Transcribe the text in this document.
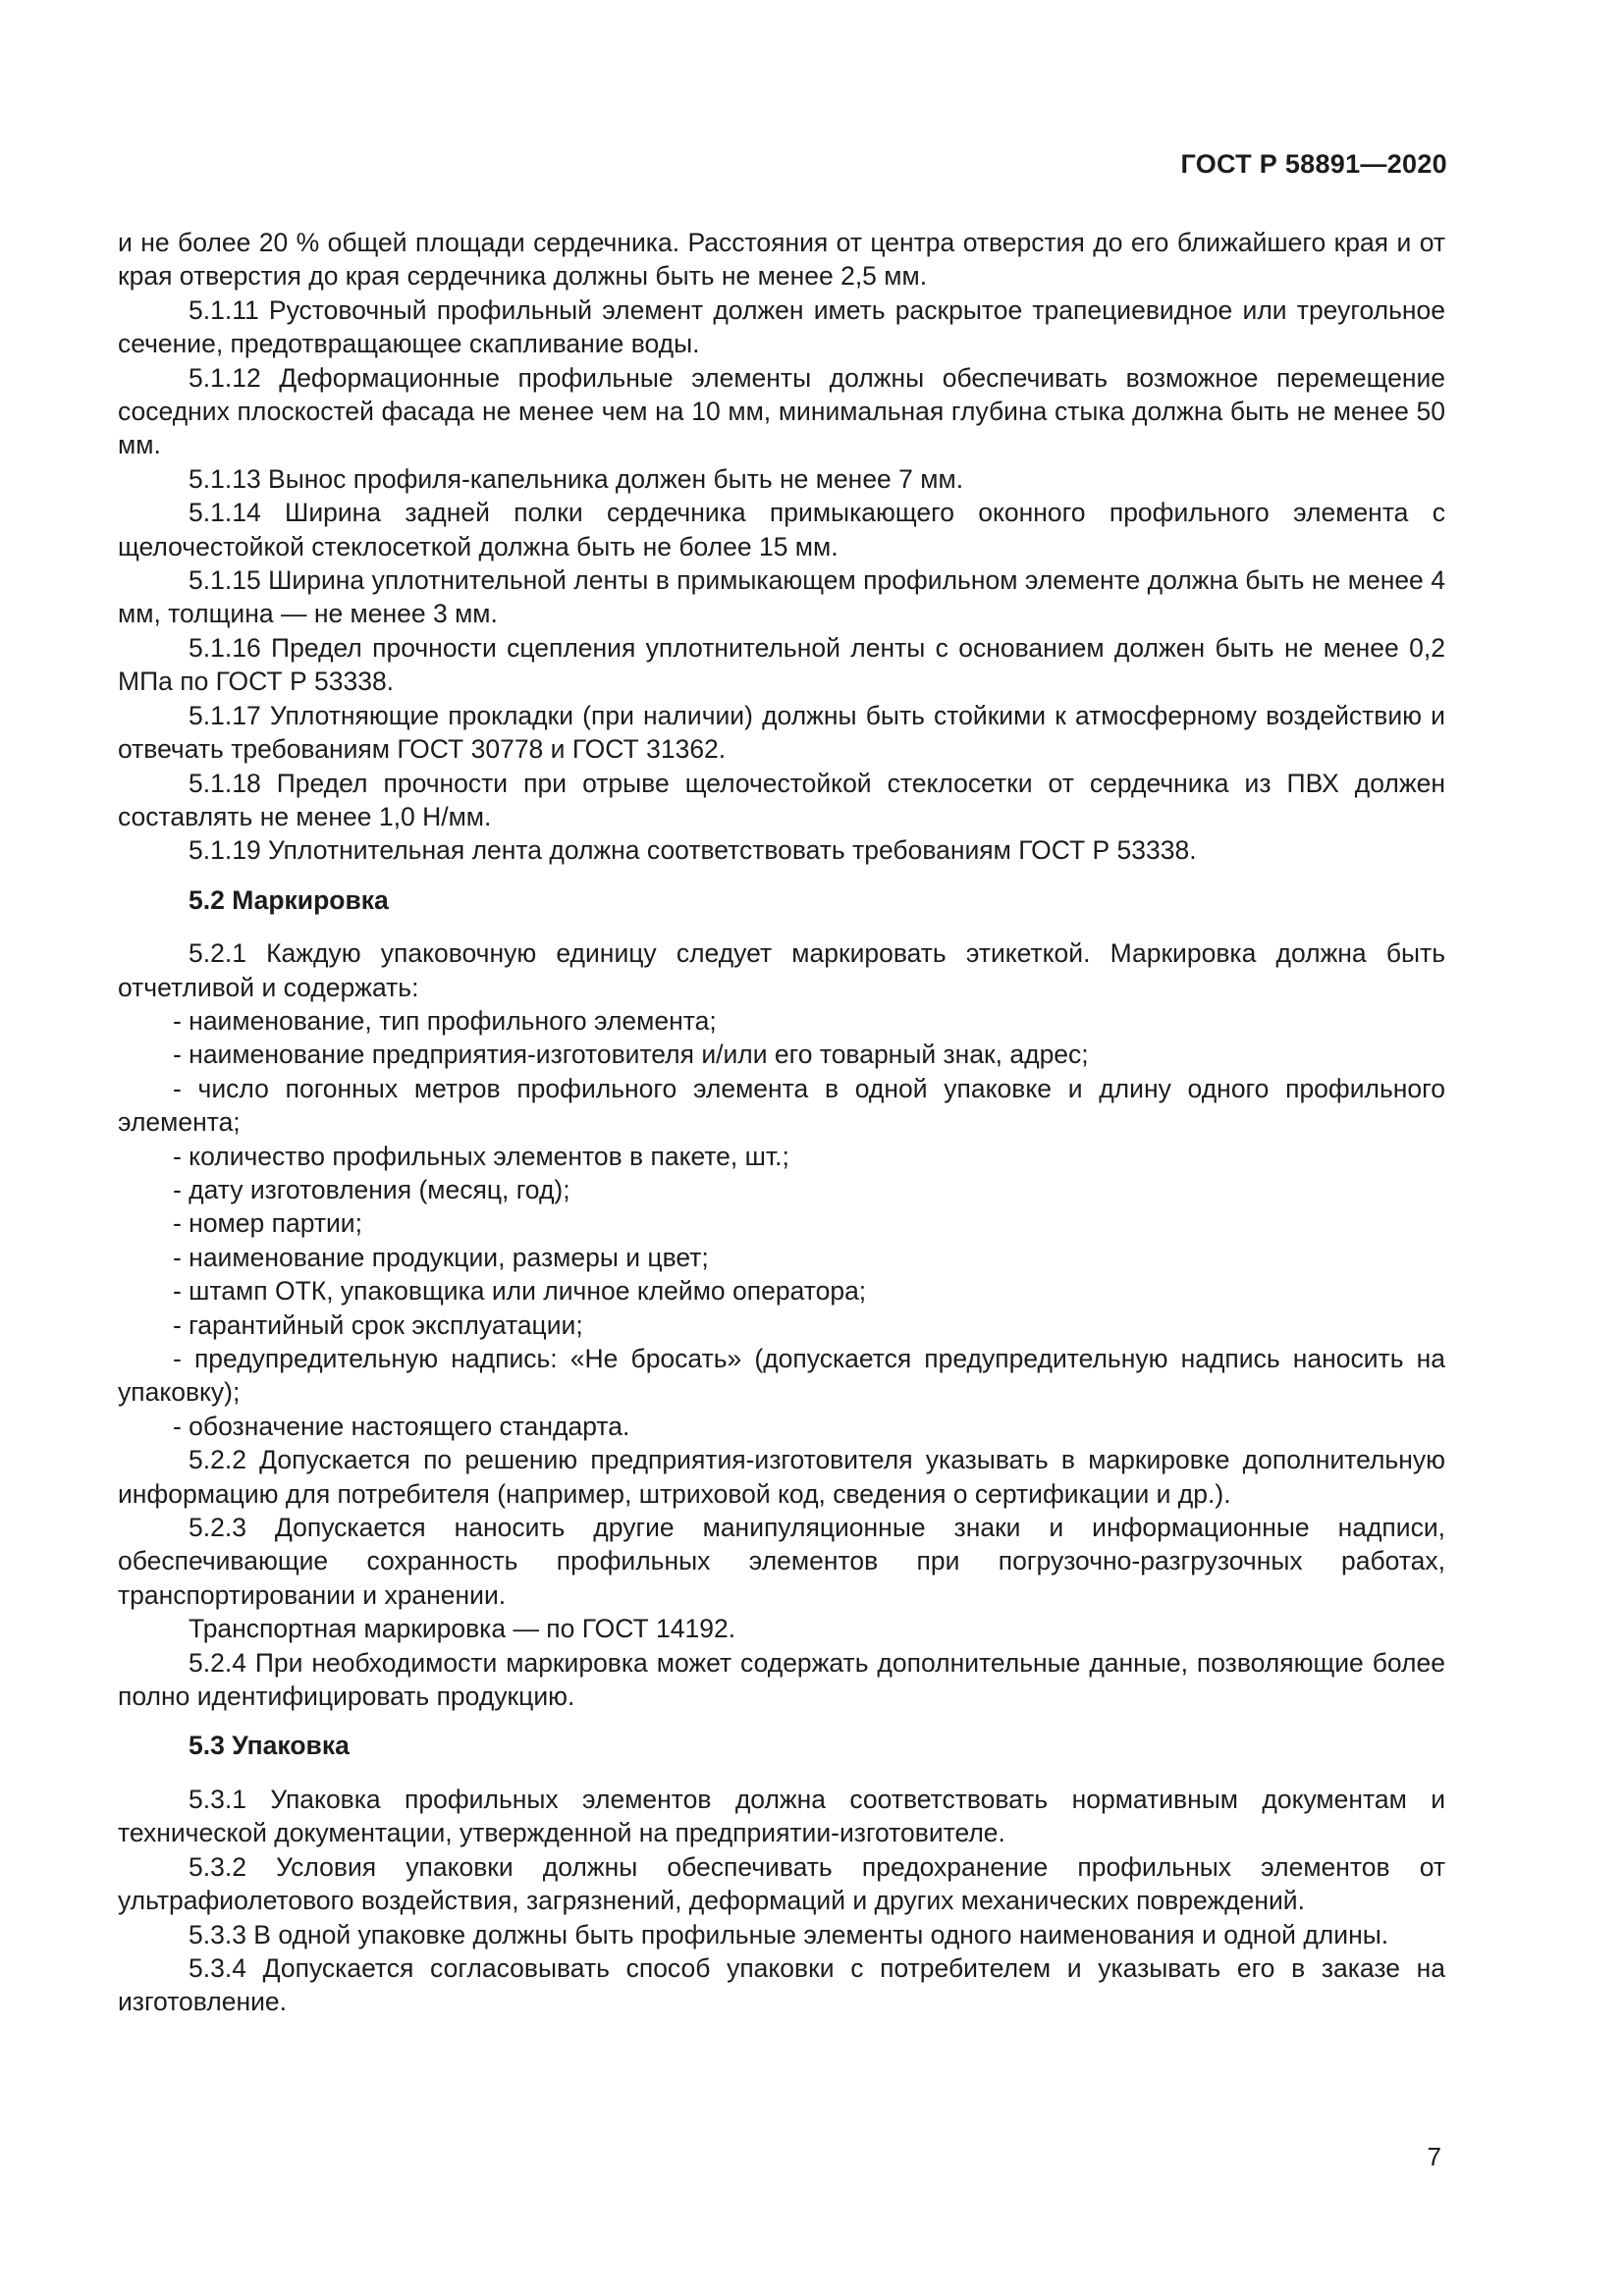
ГОСТ Р 58891—2020

и не более 20 % общей площади сердечника. Расстояния от центра отверстия до его ближайшего края и от края отверстия до края сердечника должны быть не менее 2,5 мм.

5.1.11 Рустовочный профильный элемент должен иметь раскрытое трапециевидное или треугольное сечение, предотвращающее скапливание воды.

5.1.12 Деформационные профильные элементы должны обеспечивать возможное перемещение соседних плоскостей фасада не менее чем на 10 мм, минимальная глубина стыка должна быть не менее 50 мм.

5.1.13 Вынос профиля-капельника должен быть не менее 7 мм.

5.1.14 Ширина задней полки сердечника примыкающего оконного профильного элемента с щелочестойкой стеклосеткой должна быть не более 15 мм.

5.1.15 Ширина уплотнительной ленты в примыкающем профильном элементе должна быть не менее 4 мм, толщина — не менее 3 мм.

5.1.16 Предел прочности сцепления уплотнительной ленты с основанием должен быть не менее 0,2 МПа по ГОСТ Р 53338.

5.1.17 Уплотняющие прокладки (при наличии) должны быть стойкими к атмосферному воздействию и отвечать требованиям ГОСТ 30778 и ГОСТ 31362.

5.1.18 Предел прочности при отрыве щелочестойкой стеклосетки от сердечника из ПВХ должен составлять не менее 1,0 Н/мм.

5.1.19 Уплотнительная лента должна соответствовать требованиям ГОСТ Р 53338.

5.2 Маркировка

5.2.1 Каждую упаковочную единицу следует маркировать этикеткой. Маркировка должна быть отчетливой и содержать:

- наименование, тип профильного элемента;

- наименование предприятия-изготовителя и/или его товарный знак, адрес;

- число погонных метров профильного элемента в одной упаковке и длину одного профильного элемента;

- количество профильных элементов в пакете, шт.;

- дату изготовления (месяц, год);

- номер партии;

- наименование продукции, размеры и цвет;

- штамп ОТК, упаковщика или личное клеймо оператора;

- гарантийный срок эксплуатации;

- предупредительную надпись: «Не бросать» (допускается предупредительную надпись наносить на упаковку);

- обозначение настоящего стандарта.

5.2.2 Допускается по решению предприятия-изготовителя указывать в маркировке дополнительную информацию для потребителя (например, штриховой код, сведения о сертификации и др.).

5.2.3 Допускается наносить другие манипуляционные знаки и информационные надписи, обеспечивающие сохранность профильных элементов при погрузочно-разгрузочных работах, транспортировании и хранении.

Транспортная маркировка — по ГОСТ 14192.

5.2.4 При необходимости маркировка может содержать дополнительные данные, позволяющие более полно идентифицировать продукцию.

5.3 Упаковка

5.3.1 Упаковка профильных элементов должна соответствовать нормативным документам и технической документации, утвержденной на предприятии-изготовителе.

5.3.2 Условия упаковки должны обеспечивать предохранение профильных элементов от ультрафиолетового воздействия, загрязнений, деформаций и других механических повреждений.

5.3.3 В одной упаковке должны быть профильные элементы одного наименования и одной длины.

5.3.4 Допускается согласовывать способ упаковки с потребителем и указывать его в заказе на изготовление.

7
